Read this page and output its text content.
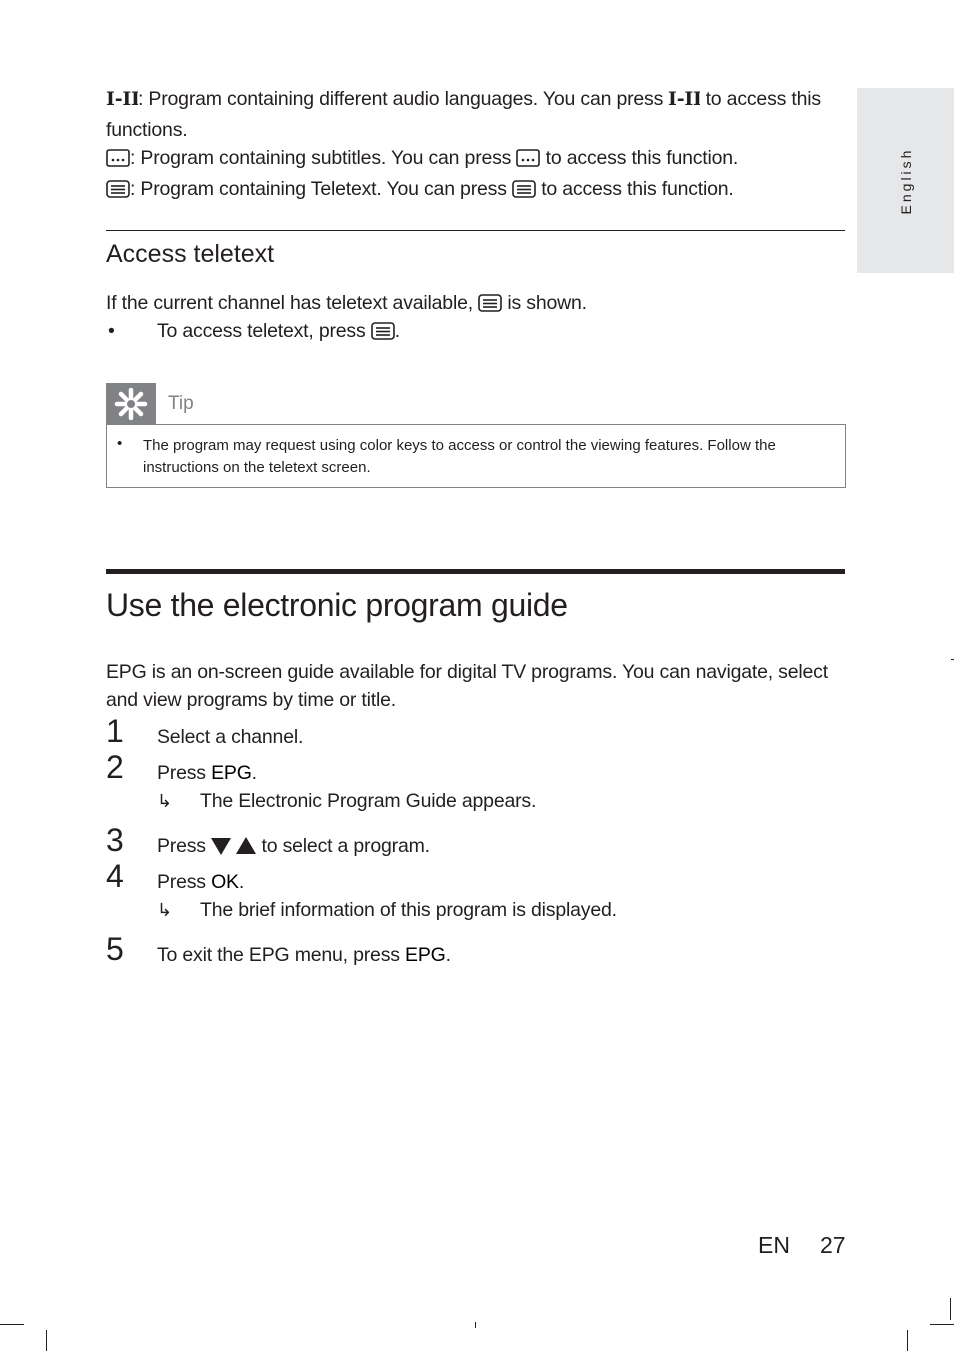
English
I-II
: Program containing different audio languages. You can press I-II to access this
functions.
: Program containing subtitles. You can press to access this function.
: Program containing Teletext. You can press to access this function.
Access teletext
If the current channel has teletext available, is shown.
• To access teletext, press .
Tip
• The program may request using color keys to access or control the viewing features. Follow the instructions on the teletext screen.
Use the electronic program guide
EPG is an on-screen guide available for digital TV programs. You can navigate, select and view programs by time or title.
1 Select a channel.
2 Press EPG.
↳ The Electronic Program Guide appears.
3 Press	to select a program.
4 Press OK.
↳ The brief information of this program is displayed.
5 To exit the EPG menu, press EPG.
EN 27
